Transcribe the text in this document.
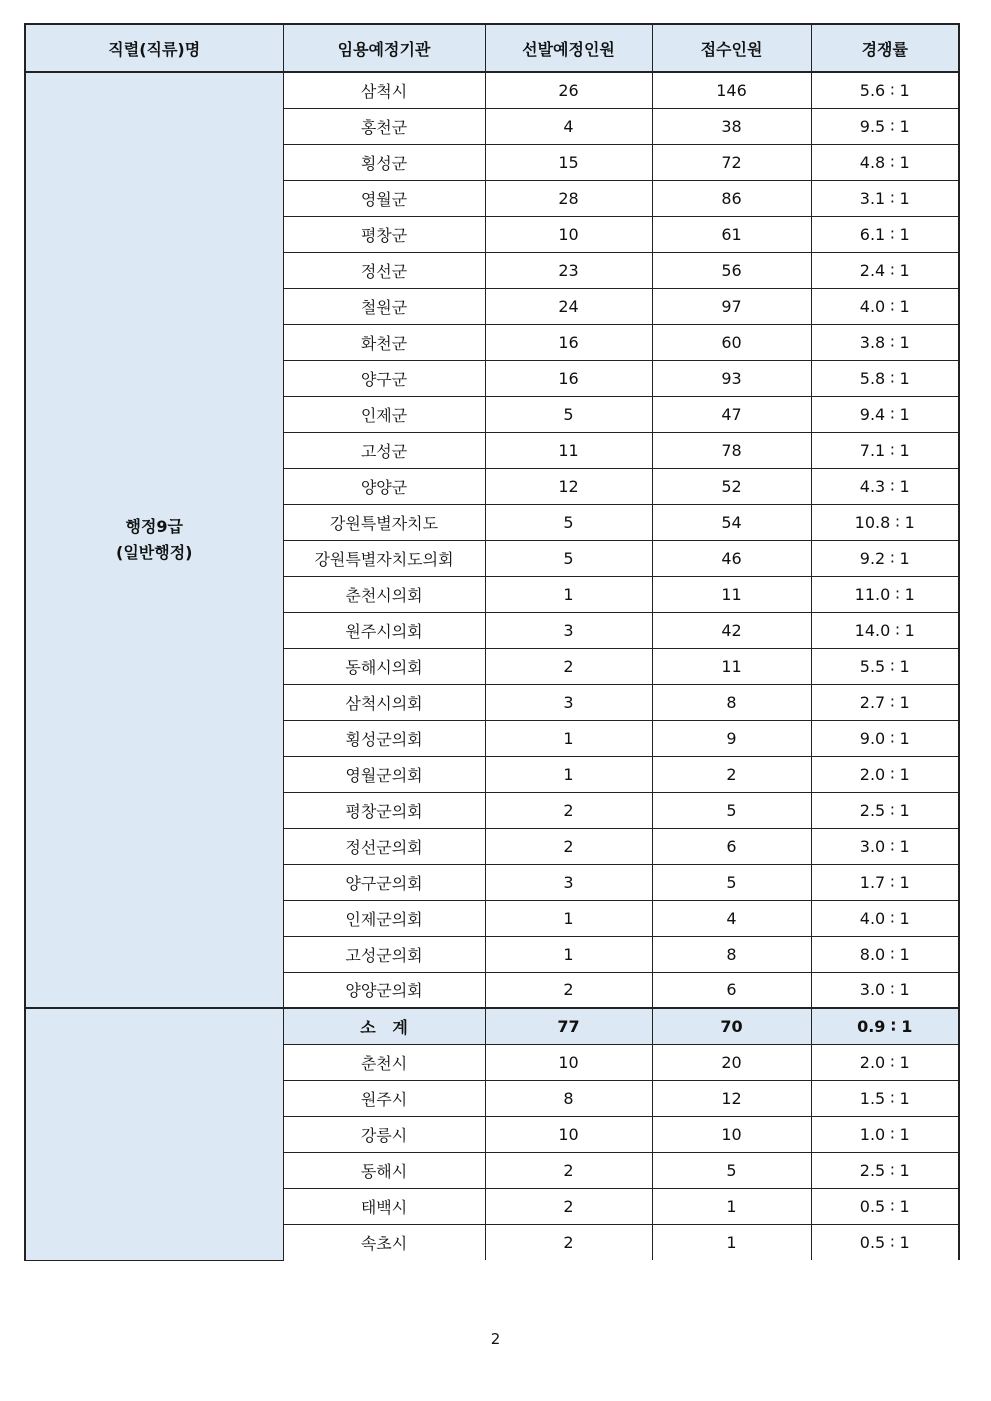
직렬(직류)명	임용예정기관	선발예정인원	접수인원	경쟁률
행정9급
(일반행정)	삼척시	26	146	5.6 ∶ 1
	홍천군	4	38	9.5 ∶ 1
	횡성군	15	72	4.8 ∶ 1
	영월군	28	86	3.1 ∶ 1
	평창군	10	61	6.1 ∶ 1
	정선군	23	56	2.4 ∶ 1
	철원군	24	97	4.0 ∶ 1
	화천군	16	60	3.8 ∶ 1
	양구군	16	93	5.8 ∶ 1
	인제군	5	47	9.4 ∶ 1
	고성군	11	78	7.1 ∶ 1
	양양군	12	52	4.3 ∶ 1
	강원특별자치도	5	54	10.8 ∶ 1
	강원특별자치도의회	5	46	9.2 ∶ 1
	춘천시의회	1	11	11.0 ∶ 1
	원주시의회	3	42	14.0 ∶ 1
	동해시의회	2	11	5.5 ∶ 1
	삼척시의회	3	8	2.7 ∶ 1
	횡성군의회	1	9	9.0 ∶ 1
	영월군의회	1	2	2.0 ∶ 1
	평창군의회	2	5	2.5 ∶ 1
	정선군의회	2	6	3.0 ∶ 1
	양구군의회	3	5	1.7 ∶ 1
	인제군의회	1	4	4.0 ∶ 1
	고성군의회	1	8	8.0 ∶ 1
	양양군의회	2	6	3.0 ∶ 1
	소   계	77	70	0.9 ∶ 1
	춘천시	10	20	2.0 ∶ 1
	원주시	8	12	1.5 ∶ 1
	강릉시	10	10	1.0 ∶ 1
	동해시	2	5	2.5 ∶ 1
	태백시	2	1	0.5 ∶ 1
	속초시	2	1	0.5 ∶ 1
2
